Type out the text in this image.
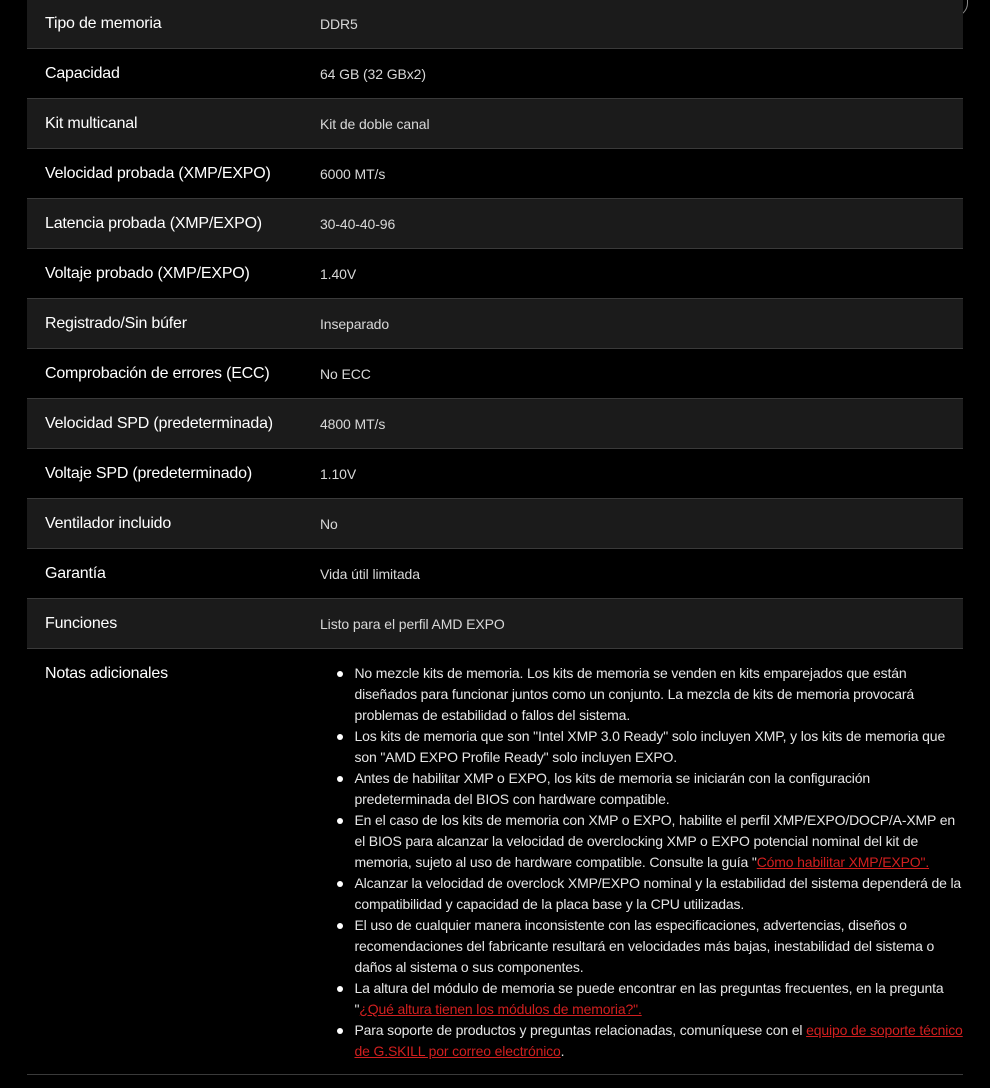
Tipo de memoria	DDR5
Capacidad	64 GB (32 GBx2)
Kit multicanal	Kit de doble canal
Velocidad probada (XMP/EXPO)	6000 MT/s
Latencia probada (XMP/EXPO)	30-40-40-96
Voltaje probado (XMP/EXPO)	1.40V
Registrado/Sin búfer	Inseparado
Comprobación de errores (ECC)	No ECC
Velocidad SPD (predeterminada)	4800 MT/s
Voltaje SPD (predeterminado)	1.10V
Ventilador incluido	No
Garantía	Vida útil limitada
Funciones	Listo para el perfil AMD EXPO
Notas adicionales	No mezcle kits de memoria. Los kits de memoria se venden en kits emparejados que están diseñados para funcionar juntos como un conjunto. La mezcla de kits de memoria provocará problemas de estabilidad o fallos del sistema.
Los kits de memoria que son "Intel XMP 3.0 Ready" solo incluyen XMP, y los kits de memoria que son "AMD EXPO Profile Ready" solo incluyen EXPO.
Antes de habilitar XMP o EXPO, los kits de memoria se iniciarán con la configuración predeterminada del BIOS con hardware compatible.
En el caso de los kits de memoria con XMP o EXPO, habilite el perfil XMP/EXPO/DOCP/A-XMP en el BIOS para alcanzar la velocidad de overclocking XMP o EXPO potencial nominal del kit de memoria, sujeto al uso de hardware compatible. Consulte la guía "Cómo habilitar XMP/EXPO".
Alcanzar la velocidad de overclock XMP/EXPO nominal y la estabilidad del sistema dependerá de la compatibilidad y capacidad de la placa base y la CPU utilizadas.
El uso de cualquier manera inconsistente con las especificaciones, advertencias, diseños o recomendaciones del fabricante resultará en velocidades más bajas, inestabilidad del sistema o daños al sistema o sus componentes.
La altura del módulo de memoria se puede encontrar en las preguntas frecuentes, en la pregunta "¿Qué altura tienen los módulos de memoria?".
Para soporte de productos y preguntas relacionadas, comuníquese con el equipo de soporte técnico de G.SKILL por correo electrónico.
